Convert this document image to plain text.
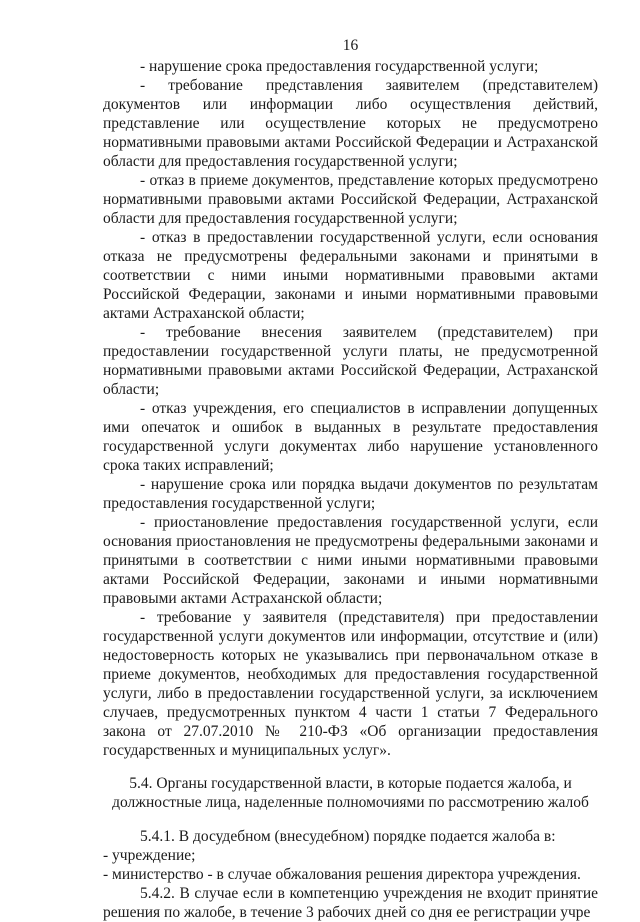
16

- нарушение срока предоставления государственной услуги;

- требование представления заявителем (представителем) документов или информации либо осуществления действий, представление или осуществление которых не предусмотрено нормативными правовыми актами Российской Федерации и Астраханской области для предоставления государственной услуги;

- отказ в приеме документов, представление которых предусмотрено нормативными правовыми актами Российской Федерации, Астраханской области для предоставления государственной услуги;

- отказ в предоставлении государственной услуги, если основания отказа не предусмотрены федеральными законами и принятыми в соответствии с ними иными нормативными правовыми актами Российской Федерации, законами и иными нормативными правовыми актами Астраханской области;

- требование внесения заявителем (представителем) при предоставлении государственной услуги платы, не предусмотренной нормативными правовыми актами Российской Федерации, Астраханской области;

- отказ учреждения, его специалистов в исправлении допущенных ими опечаток и ошибок в выданных в результате предоставления государственной услуги документах либо нарушение установленного срока таких исправлений;

- нарушение срока или порядка выдачи документов по результатам предоставления государственной услуги;

- приостановление предоставления государственной услуги, если основания приостановления не предусмотрены федеральными законами и принятыми в соответствии с ними иными нормативными правовыми актами Российской Федерации, законами и иными нормативными правовыми актами Астраханской области;

- требование у заявителя (представителя) при предоставлении государственной услуги документов или информации, отсутствие и (или) недостоверность которых не указывались при первоначальном отказе в приеме документов, необходимых для предоставления государственной услуги, либо в предоставлении государственной услуги, за исключением случаев, предусмотренных пунктом 4 части 1 статьи 7 Федерального закона от 27.07.2010 № 210-ФЗ «Об организации предоставления государственных и муниципальных услуг».

5.4. Органы государственной власти, в которые подается жалоба, и должностные лица, наделенные полномочиями по рассмотрению жалоб

5.4.1. В досудебном (внесудебном) порядке подается жалоба в:

- учреждение;

- министерство - в случае обжалования решения директора учреждения.

5.4.2. В случае если в компетенцию учреждения не входит принятие решения по жалобе, в течение 3 рабочих дней со дня ее регистрации учре
